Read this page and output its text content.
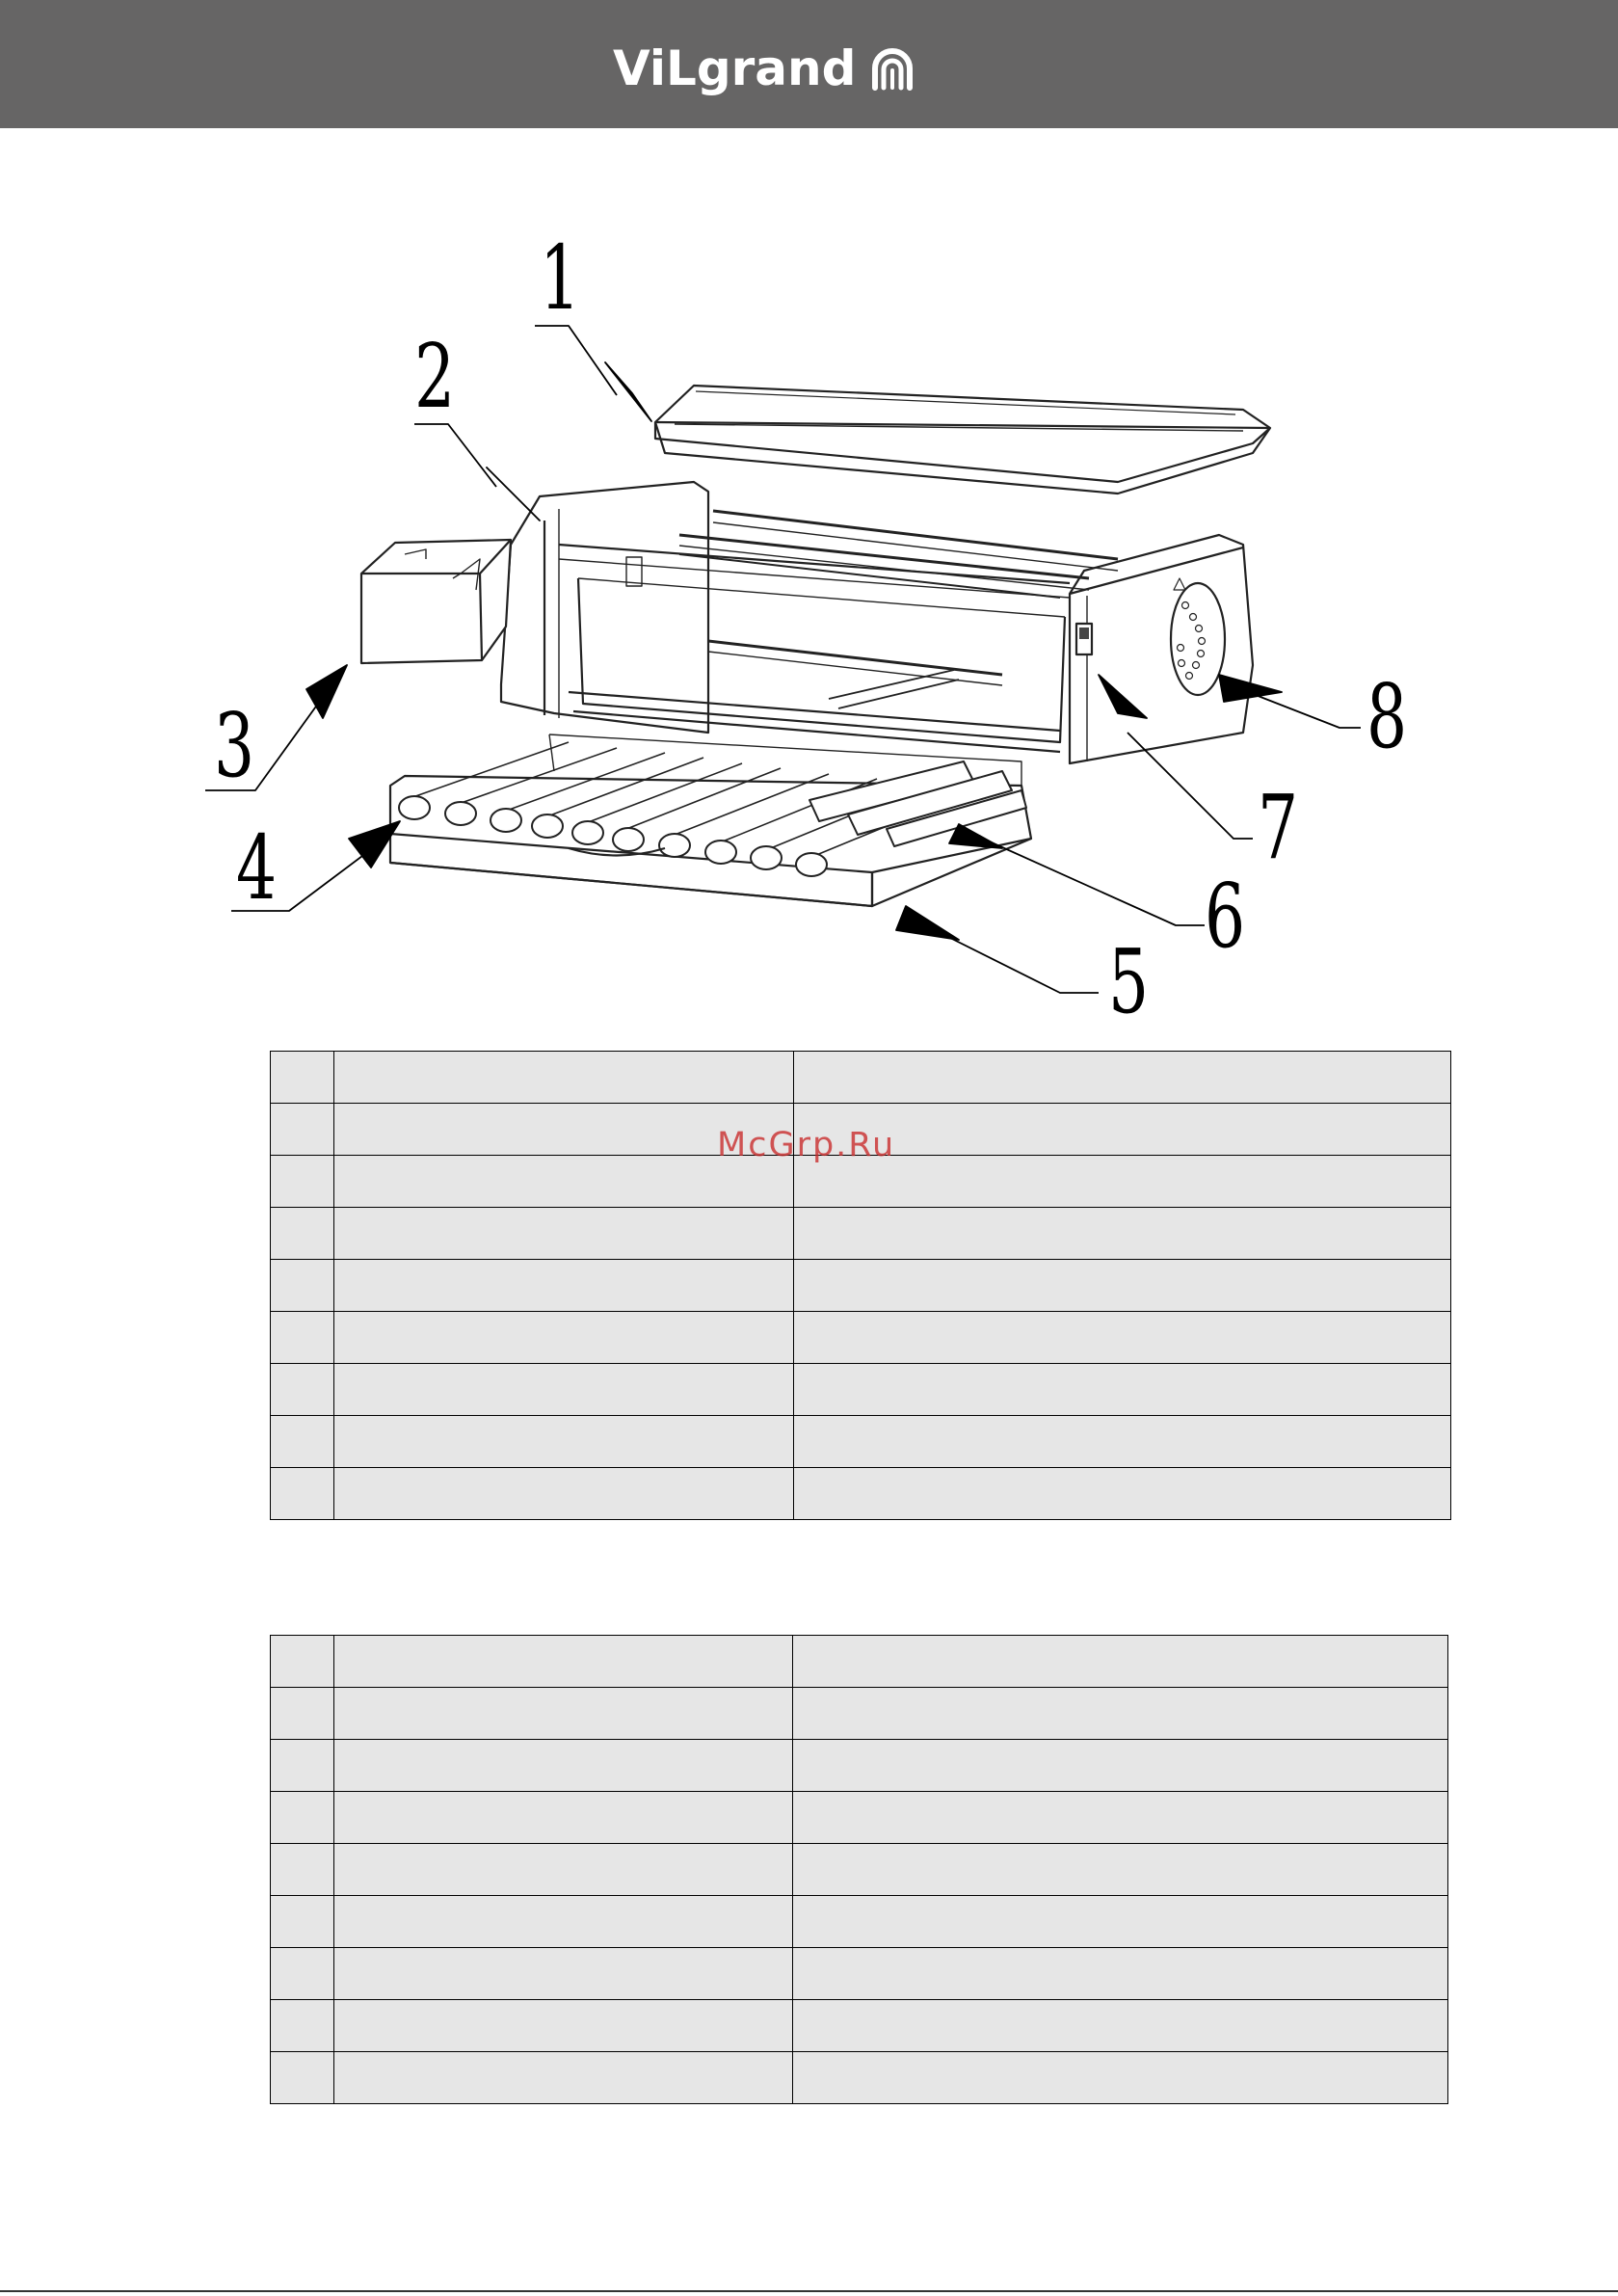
ViLgrand
1
2
3
4
5
6
7
8

McGrp.Ru
